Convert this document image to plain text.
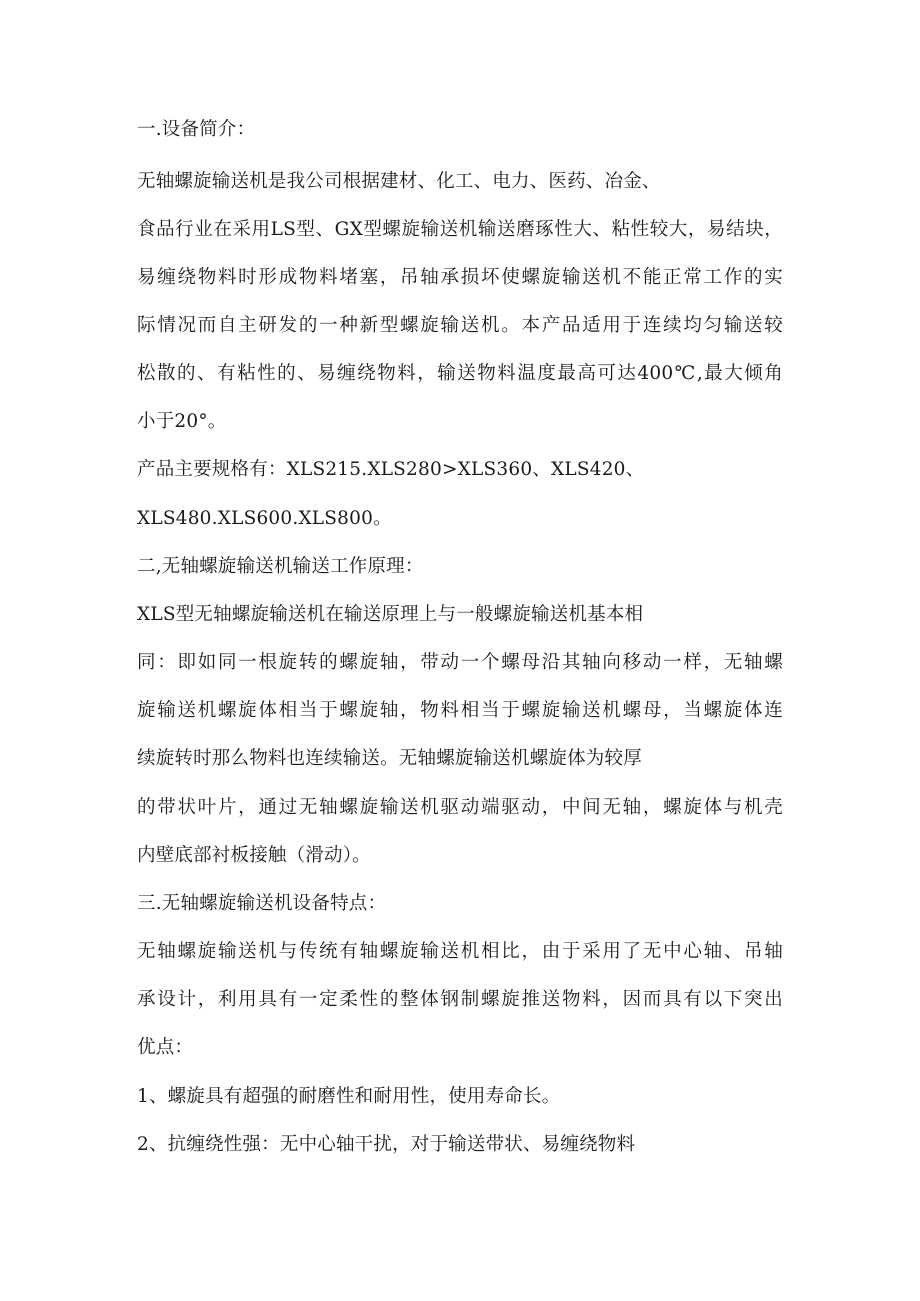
一.设备简介：
无轴螺旋输送机是我公司根据建材、化工、电力、医药、冶金、
食品行业在采用LS型、GX型螺旋输送机输送磨琢性大、粘性较大，易结块，
易缠绕物料时形成物料堵塞，吊轴承损坏使螺旋输送机不能正常工作的实
际情况而自主研发的一种新型螺旋输送机。本产品适用于连续均匀输送较
松散的、有粘性的、易缠绕物料，输送物料温度最高可达400℃,最大倾角
小于20°。
产品主要规格有：XLS215.XLS280>XLS360、XLS420、
XLS480.XLS600.XLS800。
二,无轴螺旋输送机输送工作原理：
XLS型无轴螺旋输送机在输送原理上与一般螺旋输送机基本相
同：即如同一根旋转的螺旋轴，带动一个螺母沿其轴向移动一样，无轴螺
旋输送机螺旋体相当于螺旋轴，物料相当于螺旋输送机螺母，当螺旋体连
续旋转时那么物料也连续输送。无轴螺旋输送机螺旋体为较厚
的带状叶片，通过无轴螺旋输送机驱动端驱动，中间无轴，螺旋体与机壳
内壁底部衬板接触（滑动）。
三.无轴螺旋输送机设备特点：
无轴螺旋输送机与传统有轴螺旋输送机相比，由于采用了无中心轴、吊轴
承设计，利用具有一定柔性的整体钢制螺旋推送物料，因而具有以下突出
优点：
1、螺旋具有超强的耐磨性和耐用性，使用寿命长。
2、抗缠绕性强：无中心轴干扰，对于输送带状、易缠绕物料
